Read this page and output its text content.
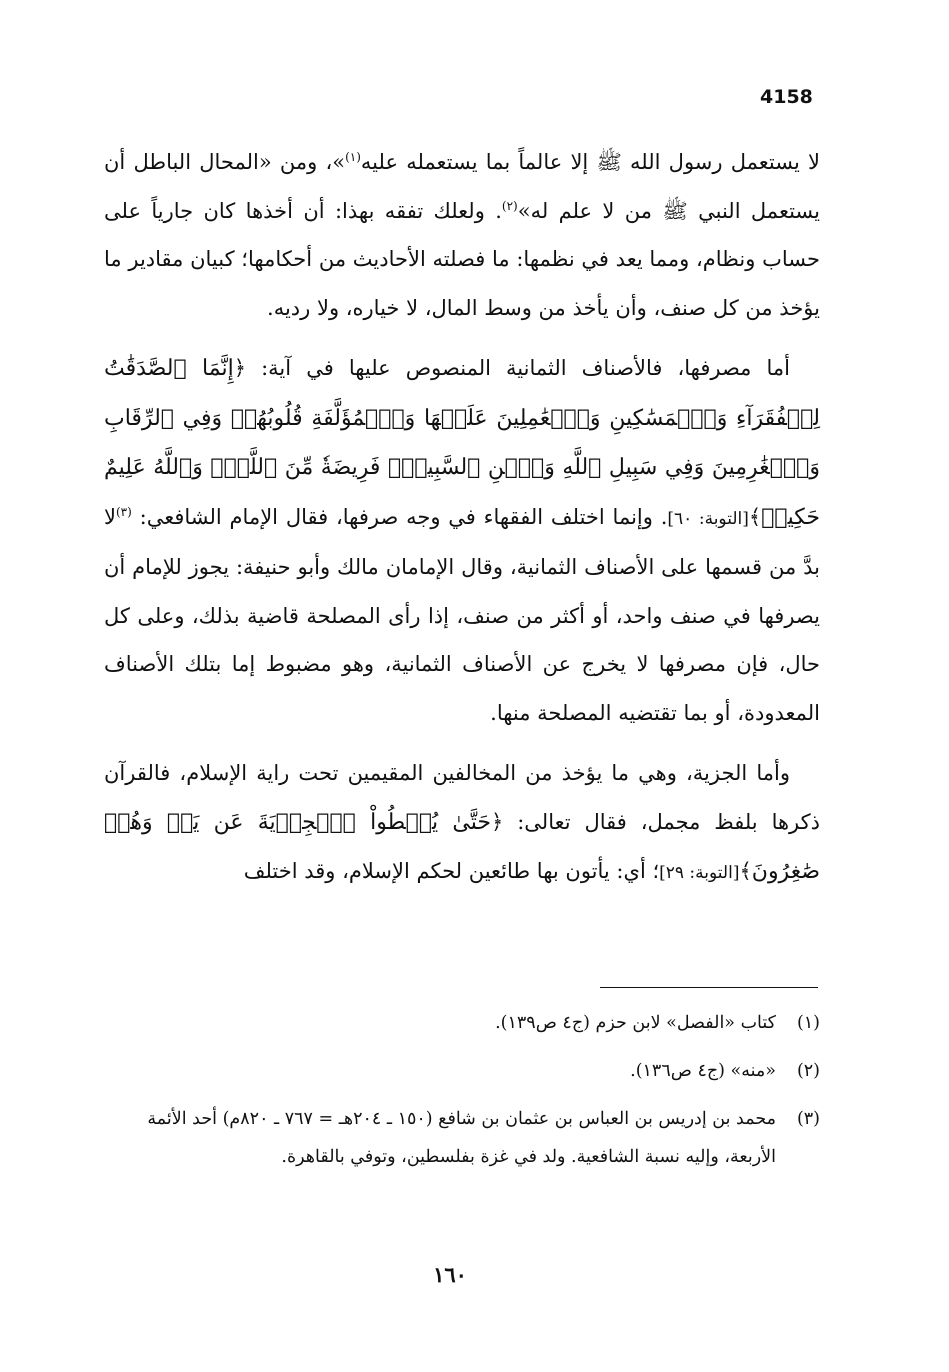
4158

لا يستعمل رسول الله ﷺ إلا عالماً بما يستعمله عليه$^{(١)}$»، ومن «المحال الباطل أن يستعمل النبي ﷺ من لا علم له»$^{(٢)}$. ولعلك تفقه بهذا: أن أخذها كان جارياً على حساب ونظام، ومما يعد في نظمها: ما فصلته الأحاديث من أحكامها؛ كبيان مقادير ما يؤخذ من كل صنف، وأن يأخذ من وسط المال، لا خياره، ولا رديه.

أما مصرفها، فالأصناف الثمانية المنصوص عليها في آية: ﴿إِنَّمَا ٱلصَّدَقَٰتُ لِلۡفُقَرَآءِ وَٱلۡمَسَٰكِينِ وَٱلۡعَٰمِلِينَ عَلَيۡهَا وَٱلۡمُؤَلَّفَةِ قُلُوبُهُمۡ وَفِي ٱلرِّقَابِ وَٱلۡغَٰرِمِينَ وَفِي سَبِيلِ ٱللَّهِ وَٱبۡنِ ٱلسَّبِيلِۖ فَرِيضَةٗ مِّنَ ٱللَّهِۗ وَٱللَّهُ عَلِيمٌ حَكِيمٞ﴾[التوبة: ٦٠]. وإنما اختلف الفقهاء في وجه صرفها، فقال الإمام الشافعي: $^{(٣)}$لا بدَّ من قسمها على الأصناف الثمانية، وقال الإمامان مالك وأبو حنيفة: يجوز للإمام أن يصرفها في صنف واحد، أو أكثر من صنف، إذا رأى المصلحة قاضية بذلك، وعلى كل حال، فإن مصرفها لا يخرج عن الأصناف الثمانية، وهو مضبوط إما بتلك الأصناف المعدودة، أو بما تقتضيه المصلحة منها.

وأما الجزية، وهي ما يؤخذ من المخالفين المقيمين تحت راية الإسلام، فالقرآن ذكرها بلفظ مجمل، فقال تعالى: ﴿حَتَّىٰ يُعۡطُواْ ٱلۡجِزۡيَةَ عَن يَدٖ وَهُمۡ صَٰغِرُونَ﴾[التوبة: ٢٩]؛ أي: يأتون بها طائعين لحكم الإسلام، وقد اختلف

(١)
كتاب «الفصل» لابن حزم (ج٤ ص١٣٩).
(٢)
«منه» (ج٤ ص١٣٦).
(٣)
محمد بن إدريس بن العباس بن عثمان بن شافع (١٥٠ ـ ٢٠٤هـ = ٧٦٧ ـ ٨٢٠م) أحد الأئمة الأربعة، وإليه نسبة الشافعية. ولد في غزة بفلسطين، وتوفي بالقاهرة.
١٦٠
